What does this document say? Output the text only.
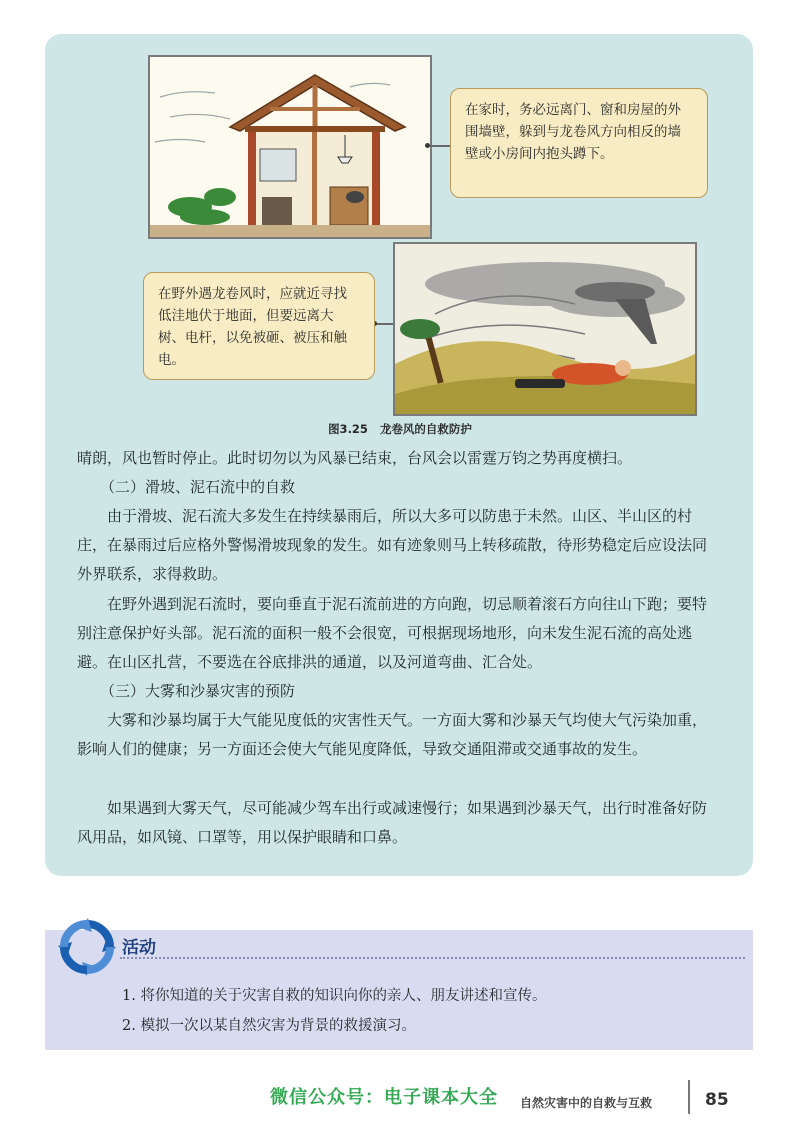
在家时，务必远离门、窗和房屋的外围墙壁，躲到与龙卷风方向相反的墙壁或小房间内抱头蹲下。
在野外遇龙卷风时，应就近寻找低洼地伏于地面，但要远离大树、电杆，以免被砸、被压和触电。
图3.25 龙卷风的自救防护

晴朗，风也暂时停止。此时切勿以为风暴已结束，台风会以雷霆万钧之势再度横扫。

（二）滑坡、泥石流中的自救

由于滑坡、泥石流大多发生在持续暴雨后，所以大多可以防患于未然。山区、半山区的村庄，在暴雨过后应格外警惕滑坡现象的发生。如有迹象则马上转移疏散，待形势稳定后应设法同外界联系，求得救助。

在野外遇到泥石流时，要向垂直于泥石流前进的方向跑，切忌顺着滚石方向往山下跑；要特别注意保护好头部。泥石流的面积一般不会很宽，可根据现场地形，向未发生泥石流的高处逃避。在山区扎营，不要选在谷底排洪的通道，以及河道弯曲、汇合处。

（三）大雾和沙暴灾害的预防

大雾和沙暴均属于大气能见度低的灾害性天气。一方面大雾和沙暴天气均使大气污染加重，影响人们的健康；另一方面还会使大气能见度降低，导致交通阻滞或交通事故的发生。

如果遇到大雾天气，尽可能减少驾车出行或减速慢行；如果遇到沙暴天气，出行时准备好防风用品，如风镜、口罩等，用以保护眼睛和口鼻。

活动
1. 将你知道的关于灾害自救的知识向你的亲人、朋友讲述和宣传。
2. 模拟一次以某自然灾害为背景的救援演习。
微信公众号：电子课本大全 自然灾害中的自救与互救	85
